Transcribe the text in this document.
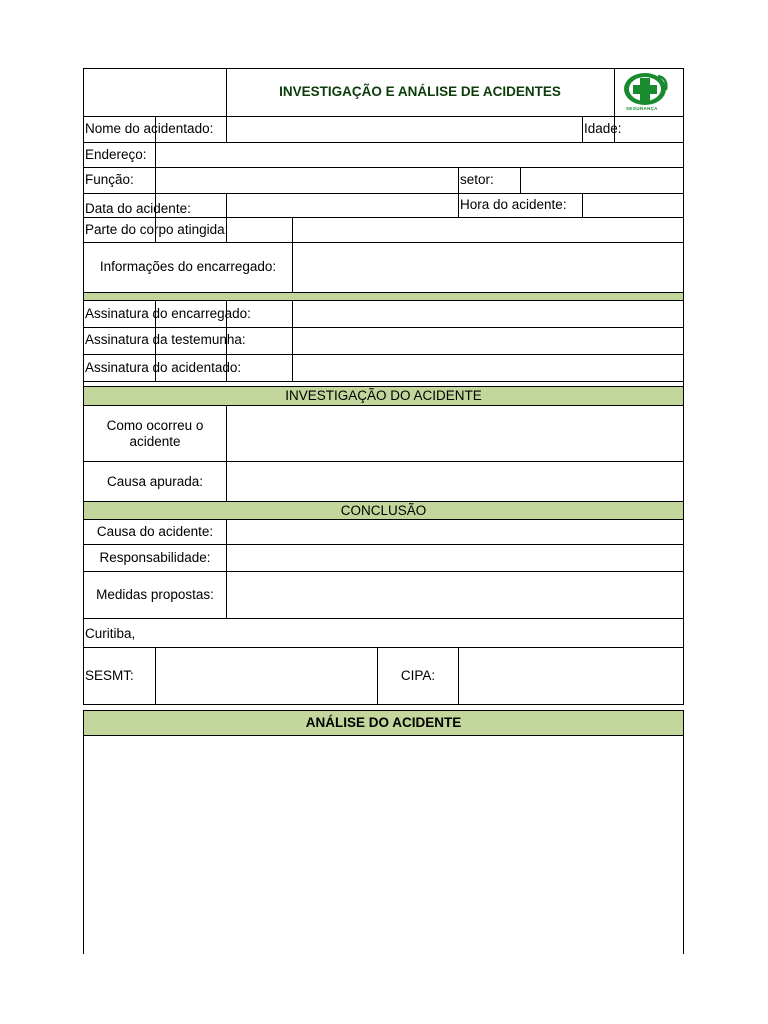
INVESTIGAÇÃO E ANÁLISE DE ACIDENTES
SEGURANÇA
Nome do acidentado:	Idade:
Endereço:
Função:	setor:
Data do acidente:	Hora do acidente:
Parte do corpo atingida:
Informações do encarregado:
Assinatura do encarregado:
Assinatura da testemunha:
Assinatura do acidentado:
INVESTIGAÇÃO DO ACIDENTE
Como ocorreu o acidente
Causa apurada:
CONCLUSÃO
Causa do acidente:
Responsabilidade:
Medidas propostas:
Curitiba,
SESMT:	CIPA:
ANÁLISE DO ACIDENTE
